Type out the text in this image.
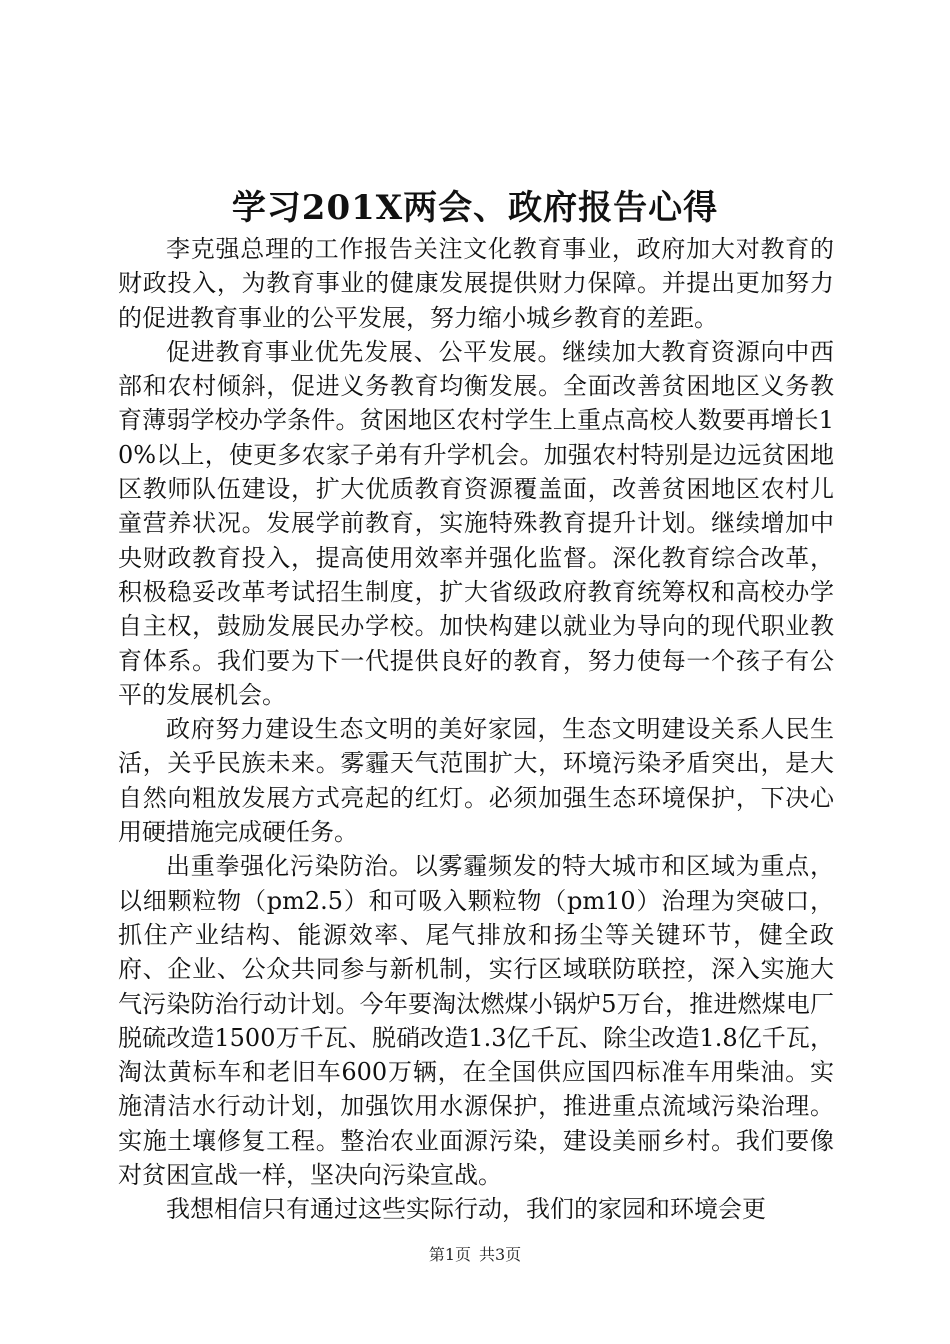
学习201X两会、政府报告心得

李克强总理的工作报告关注文化教育事业，政府加大对教育的财政投入，为教育事业的健康发展提供财力保障。并提出更加努力的促进教育事业的公平发展，努力缩小城乡教育的差距。

促进教育事业优先发展、公平发展。继续加大教育资源向中西部和农村倾斜，促进义务教育均衡发展。全面改善贫困地区义务教育薄弱学校办学条件。贫困地区农村学生上重点高校人数要再增长10%以上，使更多农家子弟有升学机会。加强农村特别是边远贫困地区教师队伍建设，扩大优质教育资源覆盖面，改善贫困地区农村儿童营养状况。发展学前教育，实施特殊教育提升计划。继续增加中央财政教育投入，提高使用效率并强化监督。深化教育综合改革，积极稳妥改革考试招生制度，扩大省级政府教育统筹权和高校办学自主权，鼓励发展民办学校。加快构建以就业为导向的现代职业教育体系。我们要为下一代提供良好的教育，努力使每一个孩子有公平的发展机会。

政府努力建设生态文明的美好家园，生态文明建设关系人民生活，关乎民族未来。雾霾天气范围扩大，环境污染矛盾突出，是大自然向粗放发展方式亮起的红灯。必须加强生态环境保护，下决心用硬措施完成硬任务。

出重拳强化污染防治。以雾霾频发的特大城市和区域为重点，以细颗粒物（pm2.5）和可吸入颗粒物（pm10）治理为突破口，抓住产业结构、能源效率、尾气排放和扬尘等关键环节，健全政府、企业、公众共同参与新机制，实行区域联防联控，深入实施大气污染防治行动计划。今年要淘汰燃煤小锅炉5万台，推进燃煤电厂脱硫改造1500万千瓦、脱硝改造1.3亿千瓦、除尘改造1.8亿千瓦，淘汰黄标车和老旧车600万辆，在全国供应国四标准车用柴油。实施清洁水行动计划，加强饮用水源保护，推进重点流域污染治理。实施土壤修复工程。整治农业面源污染，建设美丽乡村。我们要像对贫困宣战一样，坚决向污染宣战。

我想相信只有通过这些实际行动，我们的家园和环境会更

第1页 共3页
